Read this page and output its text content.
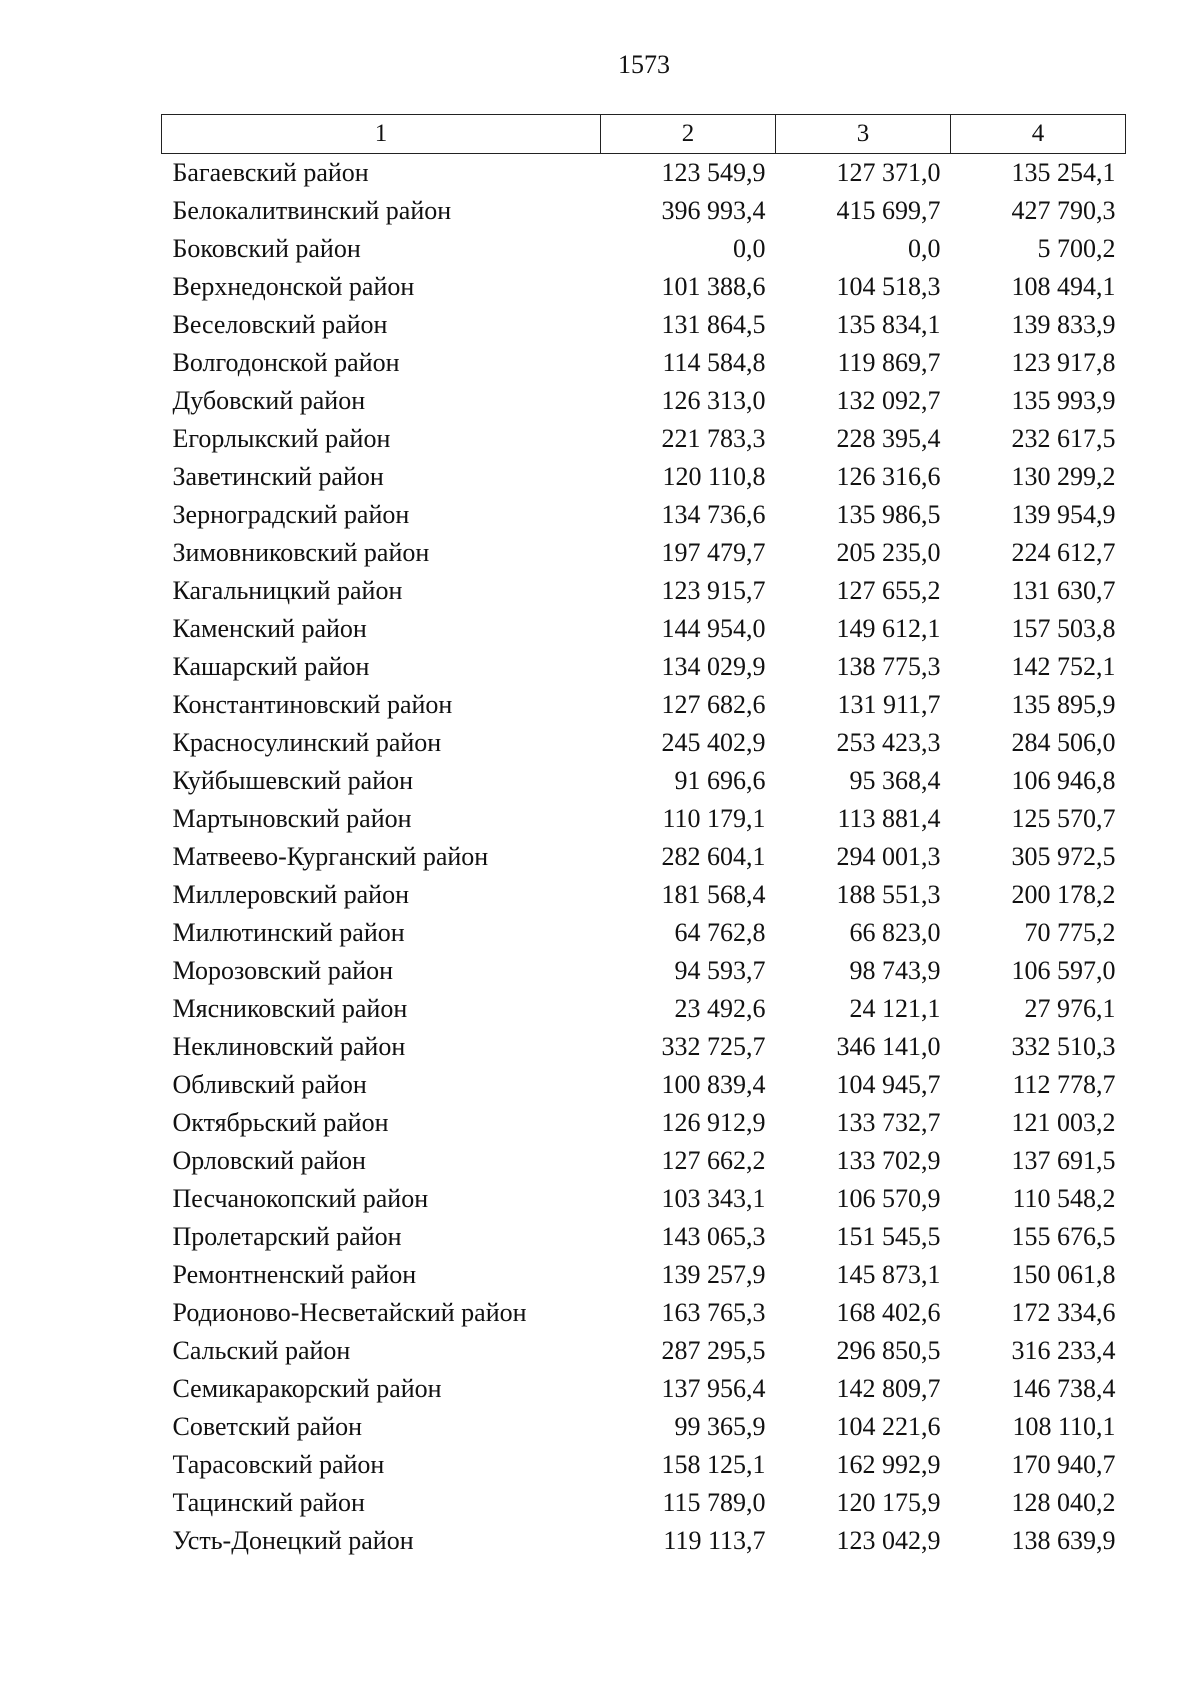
1573
1	2	3	4
Багаевский район	123 549,9	127 371,0	135 254,1
Белокалитвинский район	396 993,4	415 699,7	427 790,3
Боковский район	0,0	0,0	5 700,2
Верхнедонской район	101 388,6	104 518,3	108 494,1
Веселовский район	131 864,5	135 834,1	139 833,9
Волгодонской район	114 584,8	119 869,7	123 917,8
Дубовский район	126 313,0	132 092,7	135 993,9
Егорлыкский район	221 783,3	228 395,4	232 617,5
Заветинский район	120 110,8	126 316,6	130 299,2
Зерноградский район	134 736,6	135 986,5	139 954,9
Зимовниковский район	197 479,7	205 235,0	224 612,7
Кагальницкий район	123 915,7	127 655,2	131 630,7
Каменский район	144 954,0	149 612,1	157 503,8
Кашарский район	134 029,9	138 775,3	142 752,1
Константиновский район	127 682,6	131 911,7	135 895,9
Красносулинский район	245 402,9	253 423,3	284 506,0
Куйбышевский район	91 696,6	95 368,4	106 946,8
Мартыновский район	110 179,1	113 881,4	125 570,7
Матвеево-Курганский район	282 604,1	294 001,3	305 972,5
Миллеровский район	181 568,4	188 551,3	200 178,2
Милютинский район	64 762,8	66 823,0	70 775,2
Морозовский район	94 593,7	98 743,9	106 597,0
Мясниковский район	23 492,6	24 121,1	27 976,1
Неклиновский район	332 725,7	346 141,0	332 510,3
Обливский район	100 839,4	104 945,7	112 778,7
Октябрьский район	126 912,9	133 732,7	121 003,2
Орловский район	127 662,2	133 702,9	137 691,5
Песчанокопский район	103 343,1	106 570,9	110 548,2
Пролетарский район	143 065,3	151 545,5	155 676,5
Ремонтненский район	139 257,9	145 873,1	150 061,8
Родионово-Несветайский район	163 765,3	168 402,6	172 334,6
Сальский район	287 295,5	296 850,5	316 233,4
Семикаракорский район	137 956,4	142 809,7	146 738,4
Советский район	99 365,9	104 221,6	108 110,1
Тарасовский район	158 125,1	162 992,9	170 940,7
Тацинский район	115 789,0	120 175,9	128 040,2
Усть-Донецкий район	119 113,7	123 042,9	138 639,9
